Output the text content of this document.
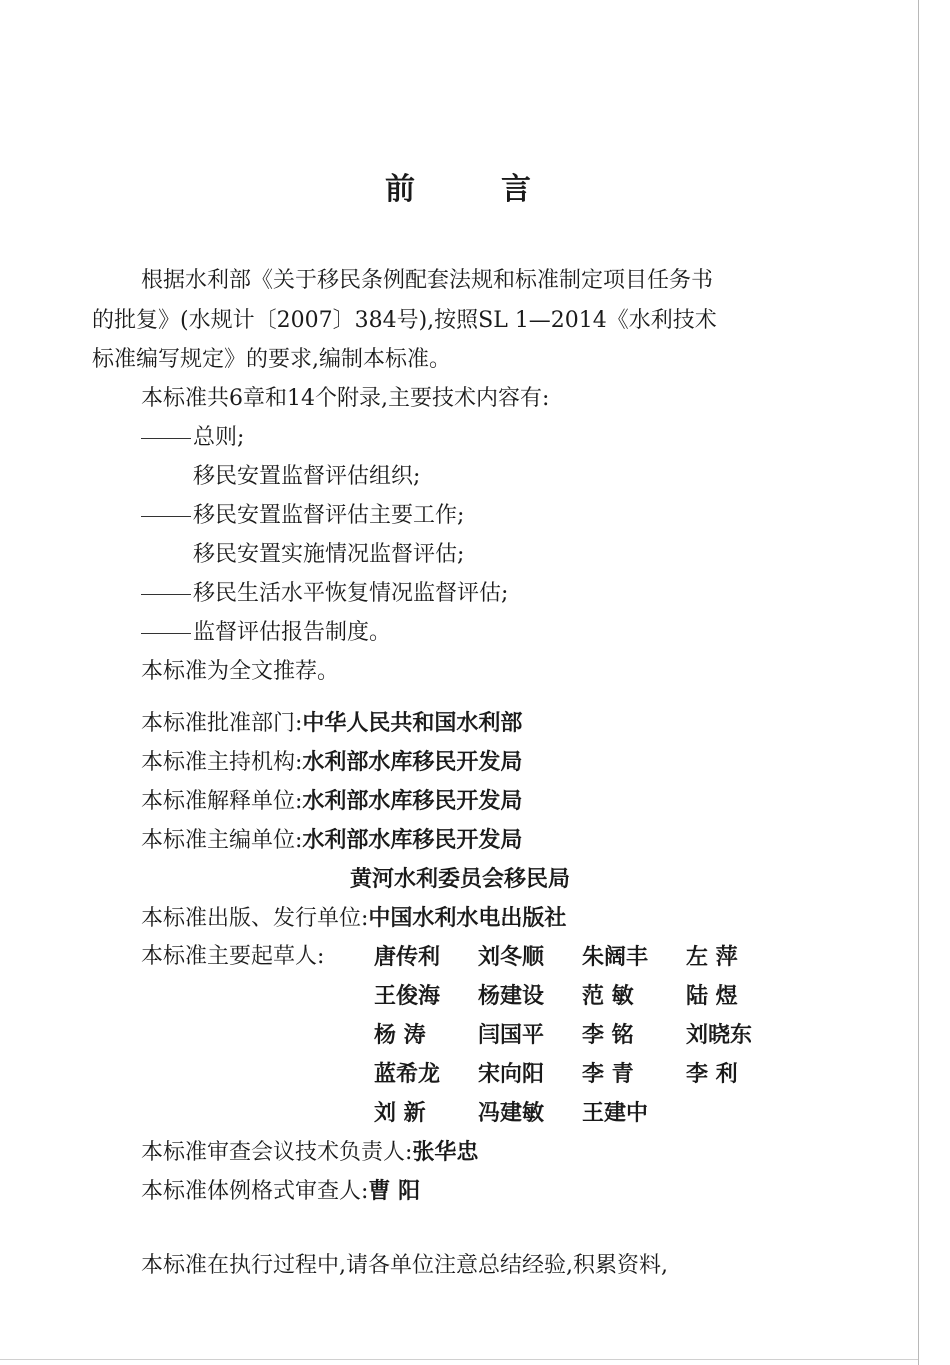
前	言
根据水利部《关于移民条例配套法规和标准制定项目任务书
的批复》(水规计〔2007〕384号),按照SL 1—2014《水利技术
标准编写规定》的要求,编制本标准。
本标准共6章和14个附录,主要技术内容有:
总则;
移民安置监督评估组织;
移民安置监督评估主要工作;
移民安置实施情况监督评估;
移民生活水平恢复情况监督评估;
监督评估报告制度。
本标准为全文推荐。
本标准批准部门:中华人民共和国水利部
本标准主持机构:水利部水库移民开发局
本标准解释单位:水利部水库移民开发局
本标准主编单位:水利部水库移民开发局
黄河水利委员会移民局
本标准出版、发行单位:中国水利水电出版社
本标准主要起草人: 唐传利 刘冬顺 朱阔丰 左 萍
王俊海 杨建设 范 敏 陆 煜
杨 涛 闫国平 李 铭 刘晓东
蓝希龙 宋向阳 李 青 李 利
刘 新 冯建敏 王建中
本标准审查会议技术负责人:张华忠
本标准体例格式审查人:曹 阳
本标准在执行过程中,请各单位注意总结经验,积累资料,
